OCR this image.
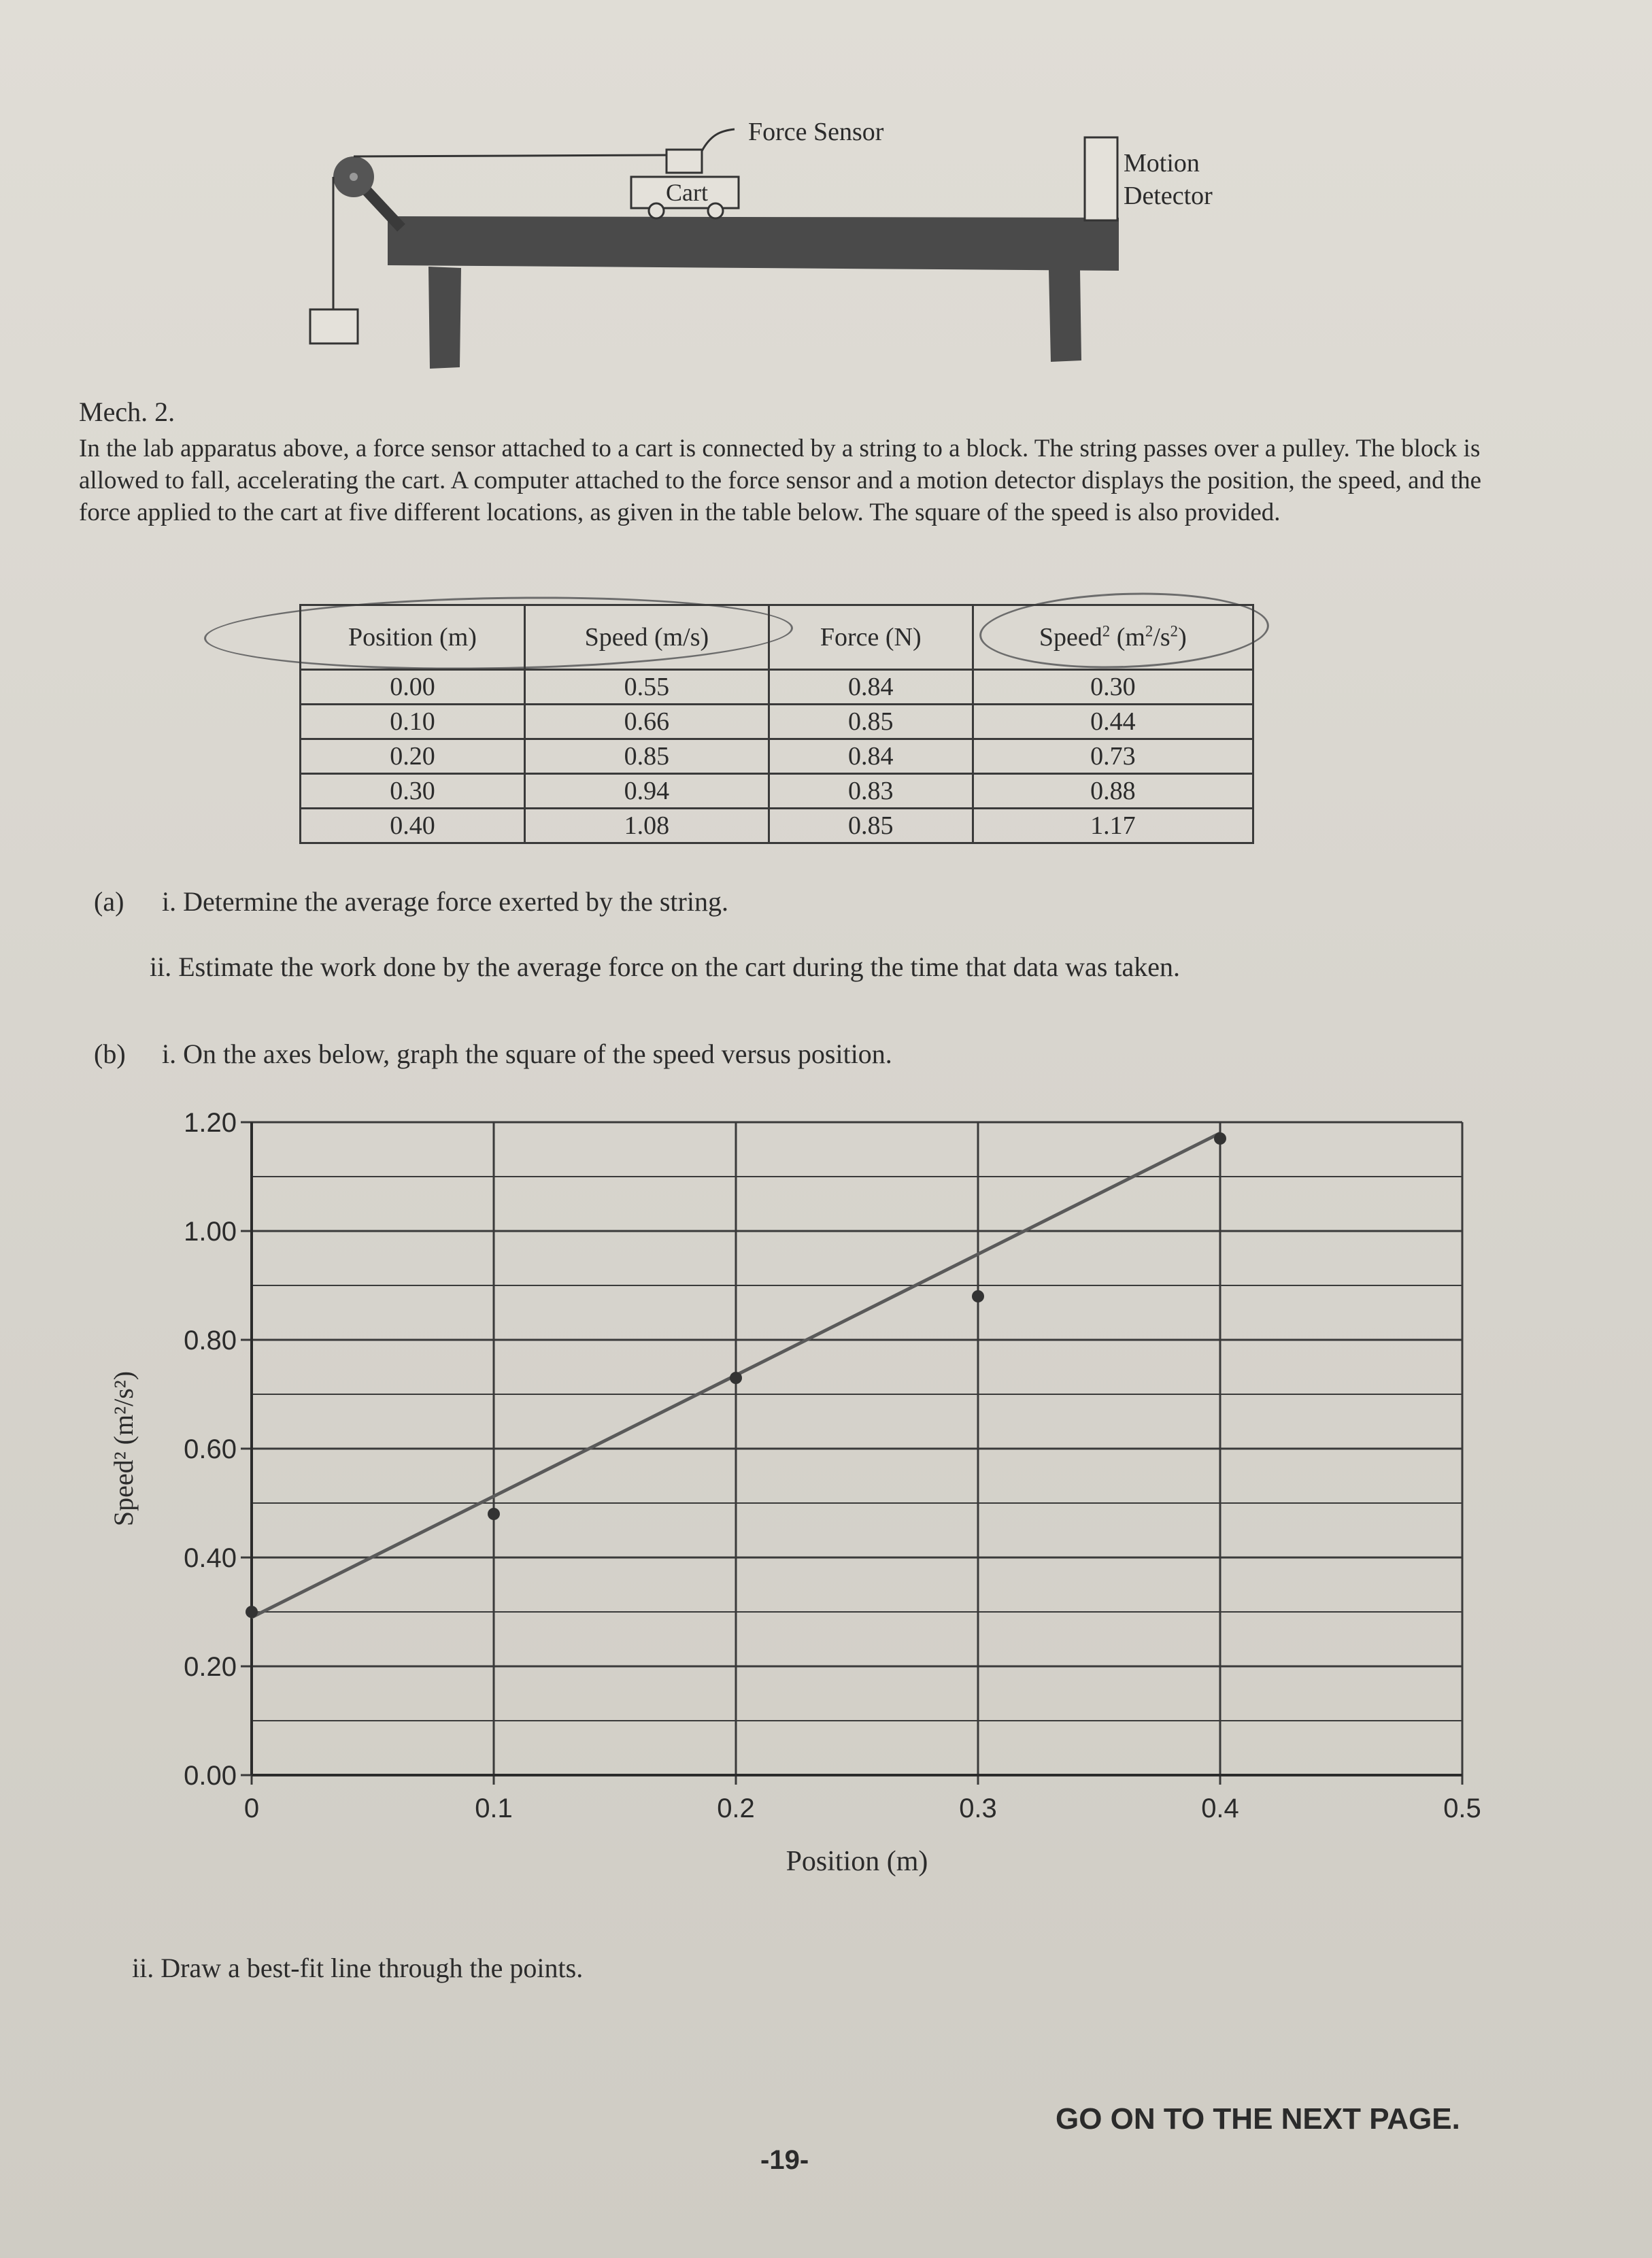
Cart
Force Sensor
Motion
Detector
Mech. 2.
In the lab apparatus above, a force sensor attached to a cart is connected by a string to a block. The string passes over a pulley. The block is allowed to fall, accelerating the cart. A computer attached to the force sensor and a motion detector displays the position, the speed, and the force applied to the cart at five different locations, as given in the table below. The square of the speed is also provided.
Position (m)	Speed (m/s)	Force (N)	Speed$^2$ $(m^2/s^2)$
0.00	0.55	0.84	0.30
0.10	0.66	0.85	0.44
0.20	0.85	0.84	0.73
0.30	0.94	0.83	0.88
0.40	1.08	0.85	1.17
(a) i. Determine the average force exerted by the string.
ii. Estimate the work done by the average force on the cart during the time that data was taken.
(b) i. On the axes below, graph the square of the speed versus position.
0	0.1	0.2	0.3	0.4	0.5
0.00
0.20
0.40
0.60
0.80
1.00
1.20
Position (m)
Speed² (m²/s²)
ii. Draw a best-fit line through the points.
GO ON TO THE NEXT PAGE.
-19-
